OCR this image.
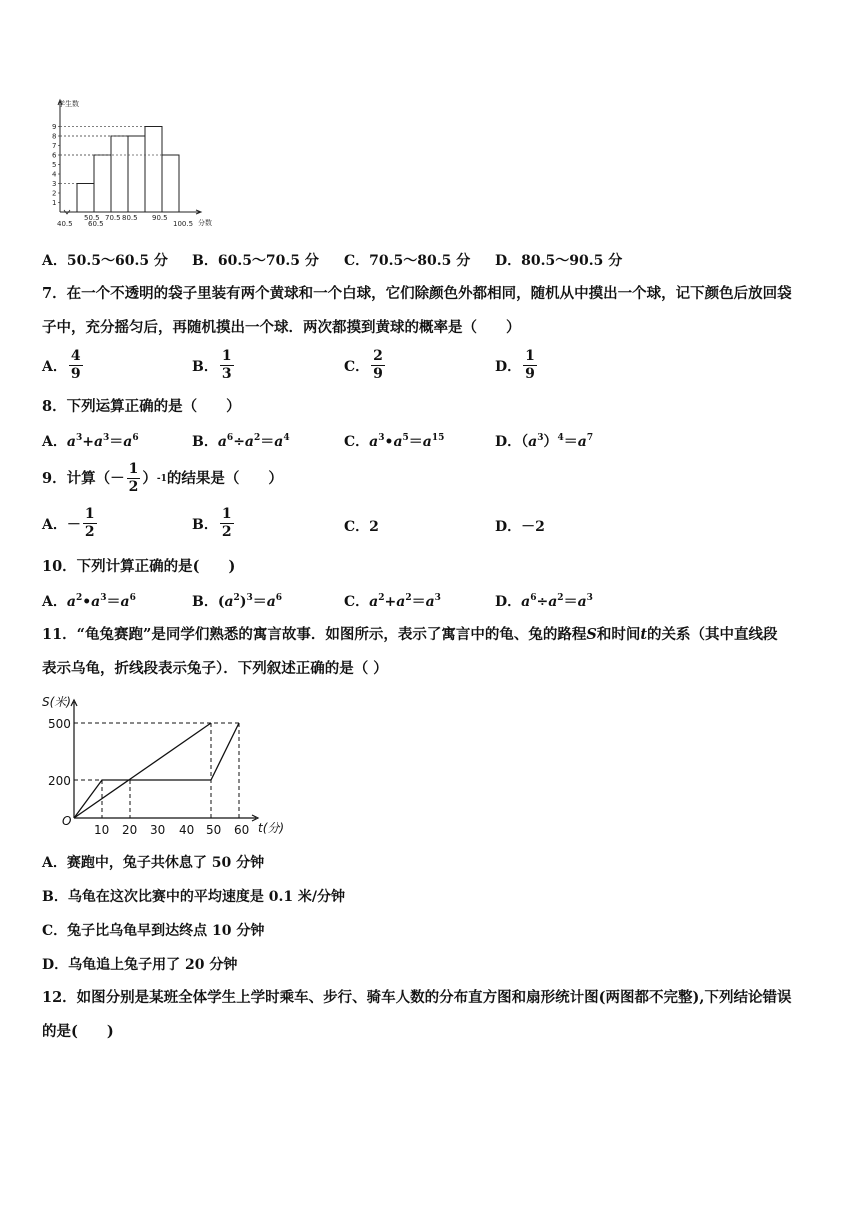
学生数
分数
1
2
3
4
5
6
7
8
9
40.5 60.5	100.5
50.5 70.5 80.5 90.5
A．50.5～60.5 分 B．60.5～70.5 分 C．70.5～80.5 分 D．80.5～90.5 分
7．在一个不透明的袋子里装有两个黄球和一个白球，它们除颜色外都相同，随机从中摸出一个球，记下颜色后放回袋
子中，充分摇匀后，再随机摸出一个球．两次都摸到黄球的概率是（　　）
A． $\frac{4}{9}$	B． $\frac{1}{3}$	C． $\frac{2}{9}$	D． $\frac{1}{9}$
8．下列运算正确的是（　　）
A．$a^3+a^3=a^6$	B．$a^6\div a^2=a^4$	C．$a^3•a^5=a^{15}$	D．$(a^3)^4=a^7$
9．计算（－ $\frac{1}{2}$ ） -1 的结果是（　　）
A． － $\frac{1}{2}$	B． $\frac{1}{2}$	C．2	D．－2
10．下列计算正确的是(　　)
A．$a^2•a^3=a^6$	B．$(a^2)^3=a^6$	C．$a^2+a^2=a^3$	D．$a^6\div a^2=a^3$
11．“龟兔赛跑”是同学们熟悉的寓言故事．如图所示，表示了寓言中的龟、兔的路程S和时间t的关系（其中直线段
表示乌龟，折线段表示兔子）．下列叙述正确的是（ ）
S(米)
t(分)
O
500
200
10 20 30 40 50 60
A．赛跑中，兔子共休息了 50 分钟
B．乌龟在这次比赛中的平均速度是 0.1 米/分钟
C．兔子比乌龟早到达终点 10 分钟
D．乌龟追上兔子用了 20 分钟
12．如图分别是某班全体学生上学时乘车、步行、骑车人数的分布直方图和扇形统计图(两图都不完整),下列结论错误
的是(　　)
